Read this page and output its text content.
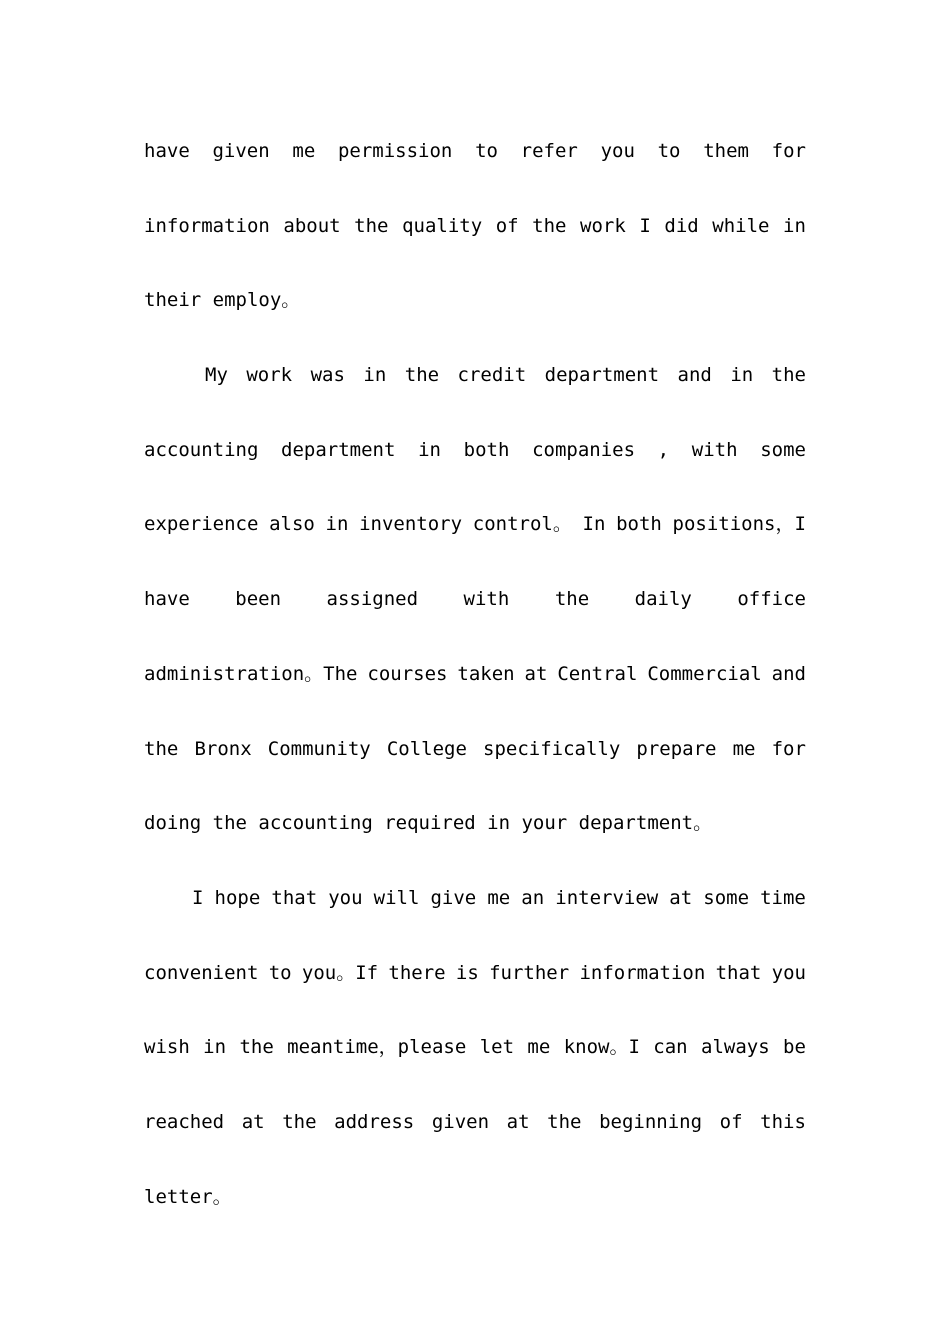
have given me permission to refer you to them for
information about the quality of the work I did while in
their employ。
My work was in the credit department and in the
accounting department in both companies , with some
experience also in inventory control。 In both positions，I
have been assigned with the daily office
administration。The courses taken at Central Commercial and
the Bronx Community College specifically prepare me for
doing the accounting required in your department。
I hope that you will give me an interview at some time
convenient to you。If there is further information that you
wish in the meantime，please let me know。I can always be
reached at the address given at the beginning of this
letter。
